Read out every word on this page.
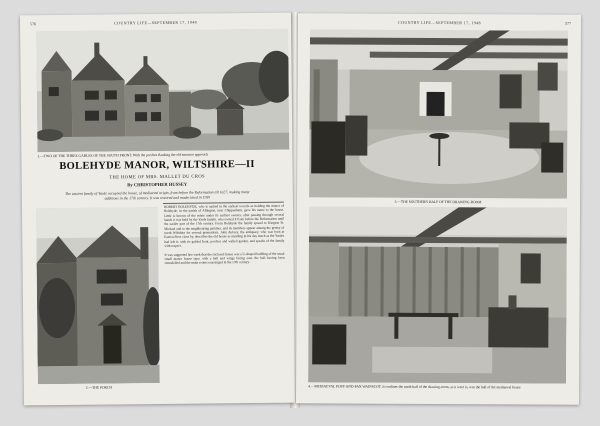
576	COUNTRY LIFE—SEPTEMBER 17, 1948
1.—TWO OF THE THREE GABLES OF THE SOUTH FRONT. With the porches flanking the old entrance approach
BOLEHYDE MANOR, WILTSHIRE—II
THE HOME OF MRS. MALLET DU CROS
By CHRISTOPHER HUSSEY
The ancient family of Yarde occupied the house, of mediaeval origin, from before the Reformation till 1627, making many additions in the 17th century. It was restored and modernised in 1939
2.—THE PORCH
ROBERT BOLEHYDE, who is named in the earliest records as holding the manor of Bolehyde, in the parish of Allington, near Chippenham, gave his name to the house. Little is known of the estate under its earliest owners; after passing through several hands it was held by the Yarde family, who owned it from before the Reformation until the earlier part of the 17th century. From Bolehyde the family spread to Kington St. Michael and to the neighbouring parishes, and its members appear among the gentry of north Wiltshire for several generations. John Aubrey, the antiquary, who was born at Easton Piers close by, describes the old house as standing in his day much as the Yardes had left it, with its gabled front, porches and walled garden, and speaks of the family with respect.

It was suggested last week that the enclosed house was a U-shaped building of the usual small manor house type, with a hall and wings facing east, the hall having been remodelled and the main rooms rearranged in the 17th century.
COUNTRY LIFE—SEPTEMBER 17, 1948	577
3.—THE SOUTHERN HALF OF THE DRAWING-ROOM
4.—MEDIAEVAL POST-AND-PAN WAINSCOT. It confines the north half of the drawing-room, as it were is, was the hall of the mediaeval house
